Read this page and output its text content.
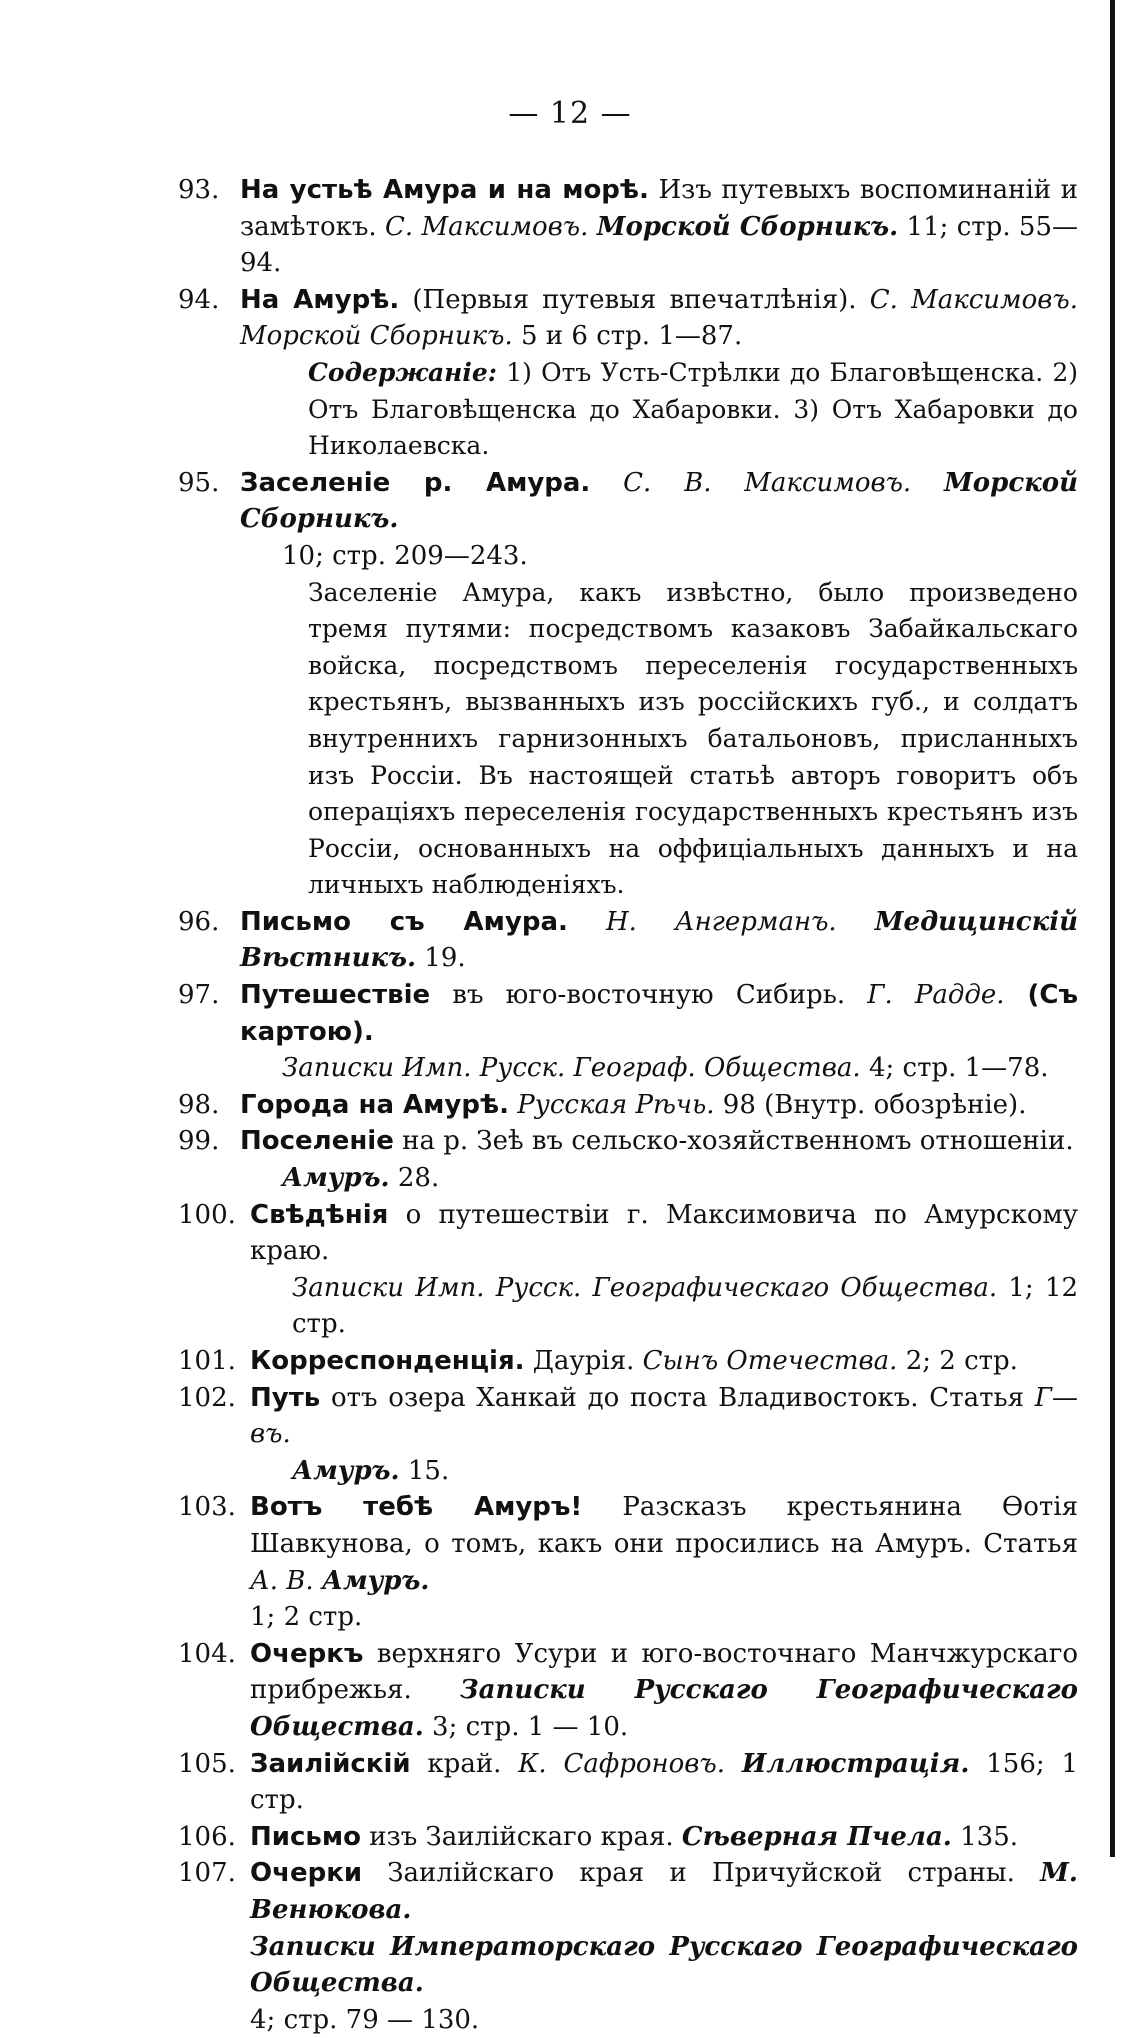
— 12 —
93. На устьѣ Амура и на морѣ. Изъ путевыхъ воспоминаній и замѣтокъ. С. Максимовъ. Морской Сборникъ. 11; стр. 55—94.
94. На Амурѣ. (Первыя путевыя впечатлѣнія). С. Максимовъ. Морской Сборникъ. 5 и 6 стр. 1—87.
Содержаніе: 1) Отъ Усть-Стрѣлки до Благовѣщенска. 2) Отъ Благовѣщенска до Хабаровки. 3) Отъ Хабаровки до Николаевска.
95. Заселеніе р. Амура. С. В. Максимовъ. Морской Сборникъ.
10; стр. 209—243.
Заселеніе Амура, какъ извѣстно, было произведено тремя путями: посредствомъ казаковъ Забайкальскаго войска, посредствомъ переселенія государственныхъ крестьянъ, вызванныхъ изъ россійскихъ губ., и солдатъ внутреннихъ гарнизонныхъ батальоновъ, присланныхъ изъ Россіи. Въ настоящей статьѣ авторъ говоритъ объ операціяхъ переселенія государственныхъ крестьянъ изъ Россіи, основанныхъ на оффиціальныхъ данныхъ и на личныхъ наблюденіяхъ.
96. Письмо съ Амура. Н. Ангерманъ. Медицинскій Вѣстникъ. 19.
97. Путешествіе въ юго-восточную Сибирь. Г. Радде. (Съ картою).
Записки Имп. Русск. Географ. Общества. 4; стр. 1—78.
98. Города на Амурѣ. Русская Рѣчь. 98 (Внутр. обозрѣніе).
99. Поселеніе на р. Зеѣ въ сельско-хозяйственномъ отношеніи.
Амуръ. 28.
100. Свѣдѣнія о путешествіи г. Максимовича по Амурскому краю.
Записки Имп. Русск. Географическаго Общества. 1; 12 стр.
101. Корреспонденція. Даурія. Сынъ Отечества. 2; 2 стр.
102. Путь отъ озера Ханкай до поста Владивостокъ. Статья Г—въ.
Амуръ. 15.
103. Вотъ тебѣ Амуръ! Разсказъ крестьянина Ѳотія Шавкунова, о томъ, какъ они просились на Амуръ. Статья А. В. Амуръ.
1; 2 стр.
104. Очеркъ верхняго Усури и юго-восточнаго Манчжурскаго прибрежья. Записки Русскаго Географическаго Общества. 3; стр. 1 — 10.
105. Заилійскій край. К. Сафроновъ. Иллюстрація. 156; 1 стр.
106. Письмо изъ Заилійскаго края. Сѣверная Пчела. 135.
107. Очерки Заилійскаго края и Причуйской страны. М. Венюкова.
Записки Императорскаго Русскаго Географическаго Общества.
4; стр. 79 — 130.
